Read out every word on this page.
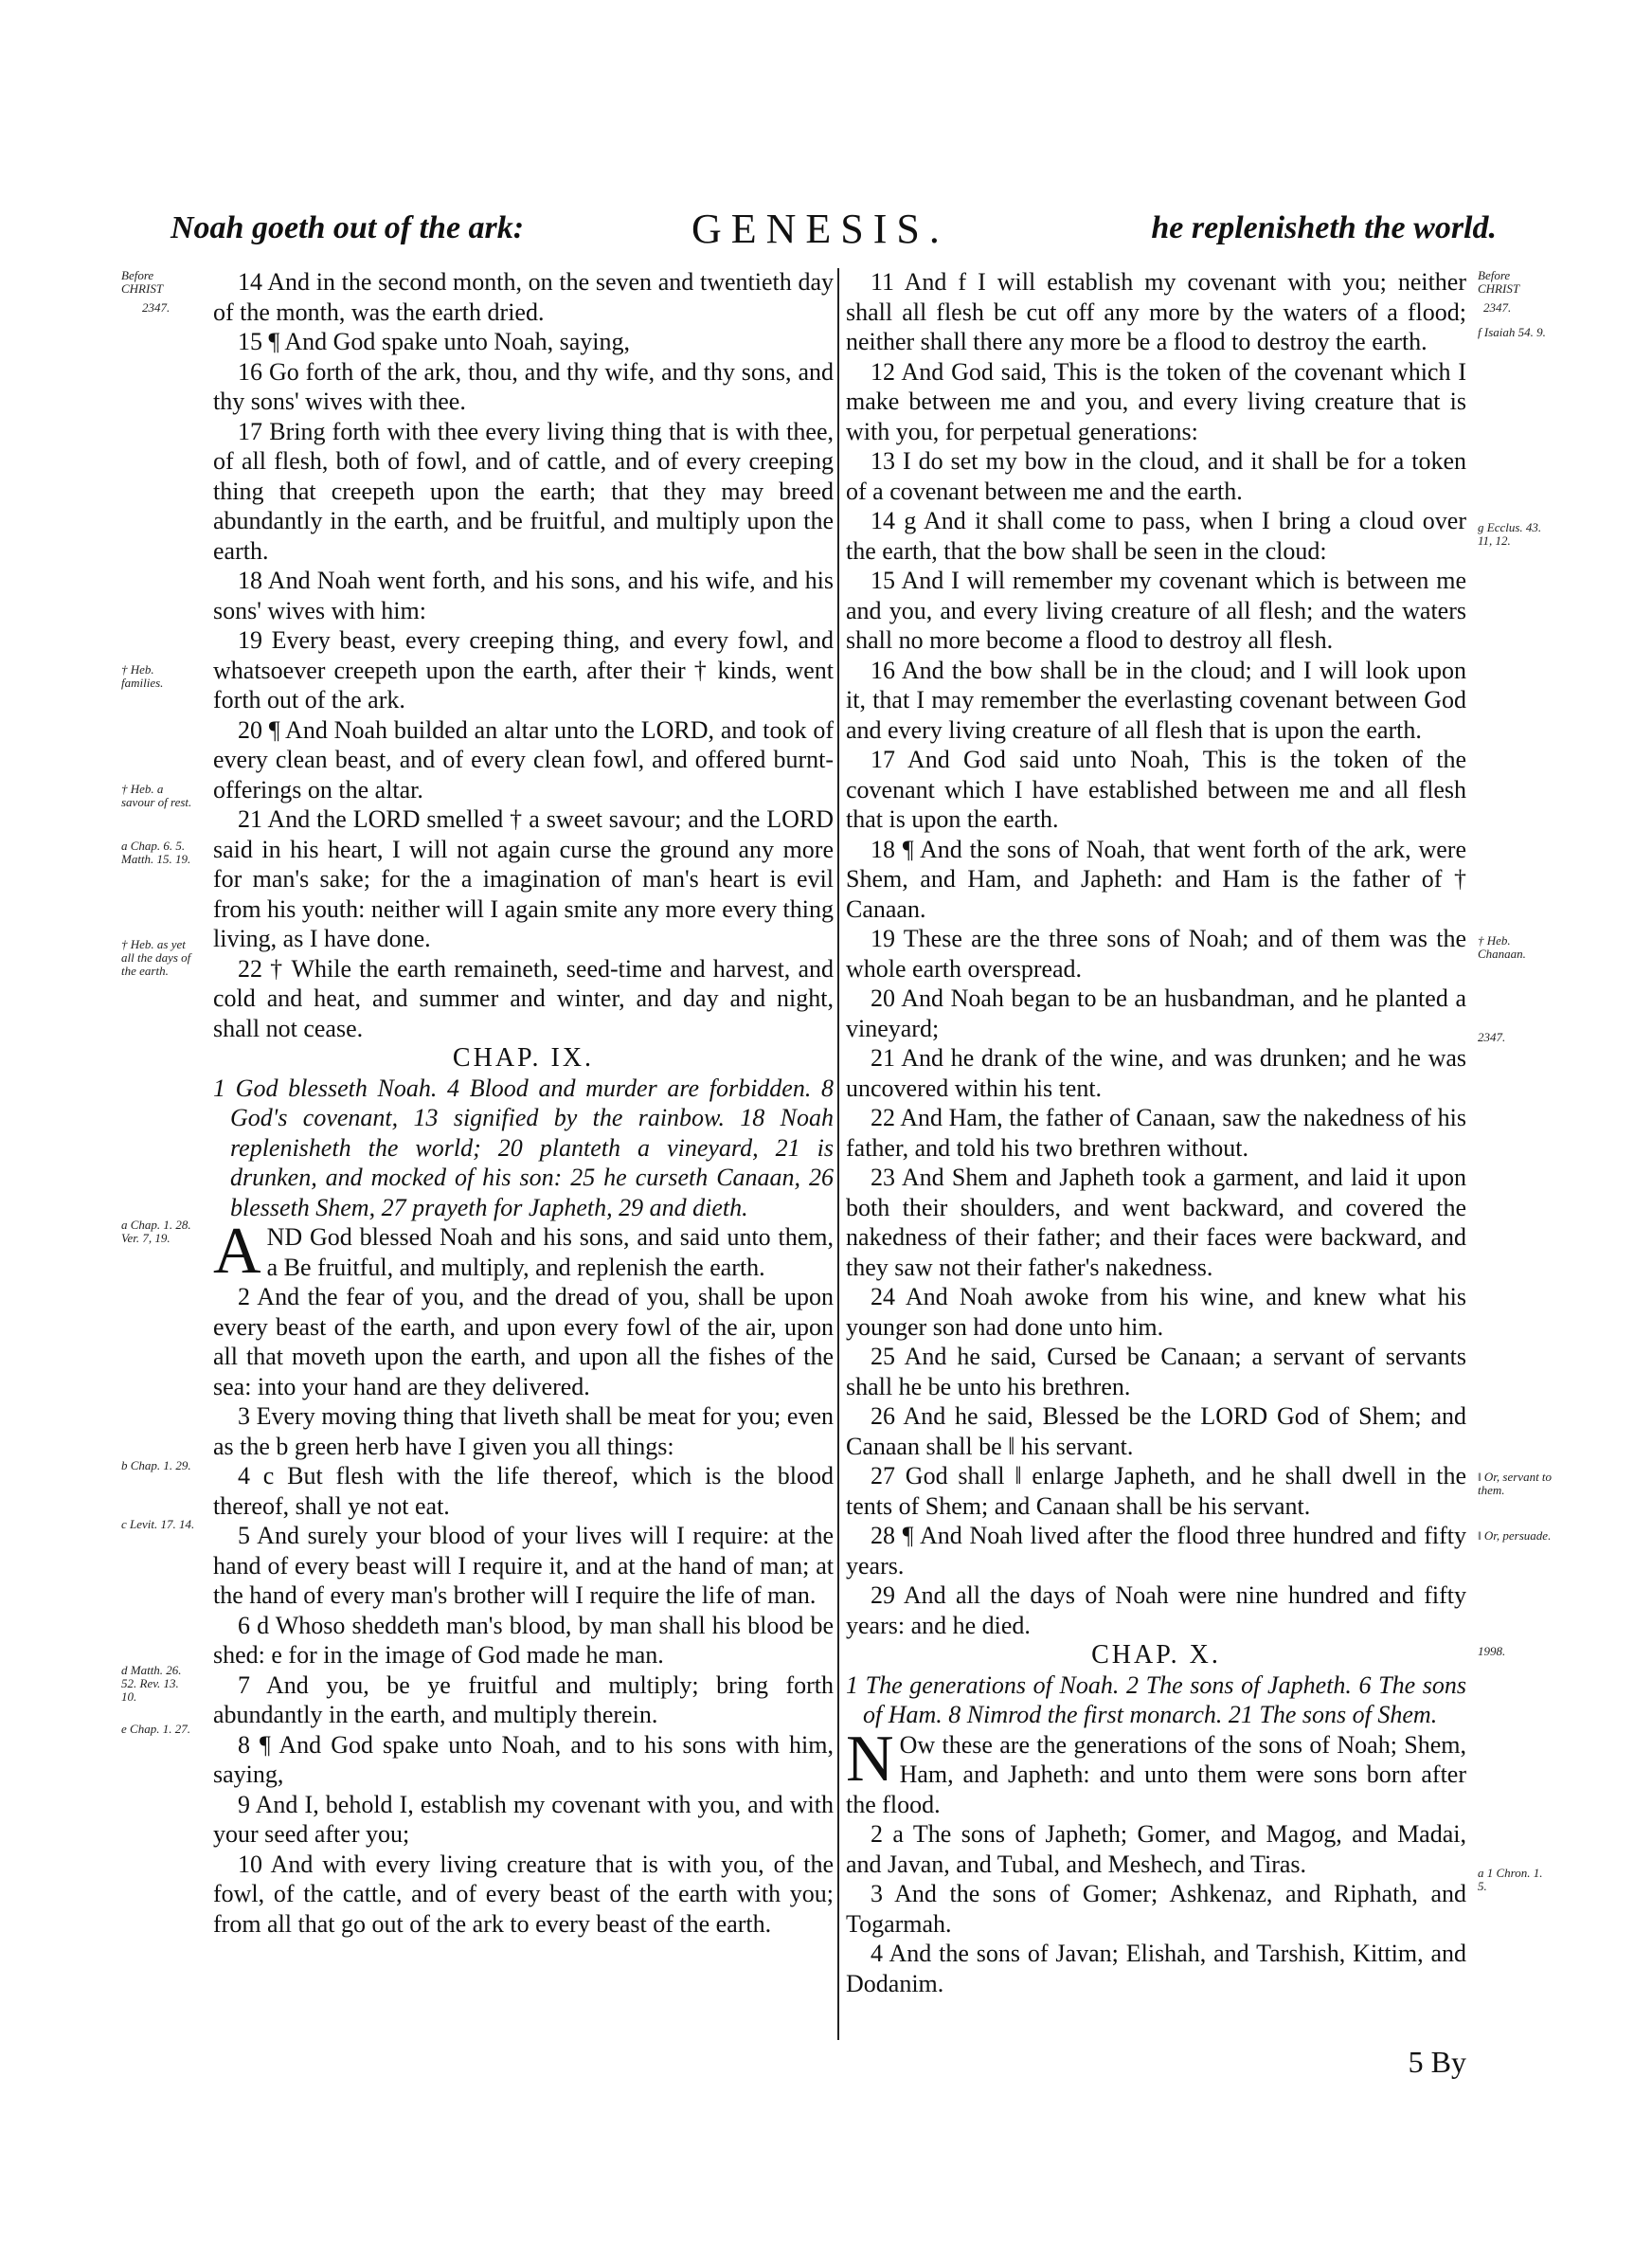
Noah goeth out of the ark:	GENESIS.	he replenisheth the world.

14 And in the second month, on the seven and twentieth day of the month, was the earth dried.

15 ¶ And God spake unto Noah, saying,

16 Go forth of the ark, thou, and thy wife, and thy sons, and thy sons' wives with thee.

17 Bring forth with thee every living thing that is with thee, of all flesh, both of fowl, and of cattle, and of every creeping thing that creepeth upon the earth; that they may breed abundantly in the earth, and be fruitful, and multiply upon the earth.

18 And Noah went forth, and his sons, and his wife, and his sons' wives with him:

19 Every beast, every creeping thing, and every fowl, and whatsoever creepeth upon the earth, after their † kinds, went forth out of the ark.

20 ¶ And Noah builded an altar unto the LORD, and took of every clean beast, and of every clean fowl, and offered burnt-offerings on the altar.

21 And the LORD smelled † a sweet savour; and the LORD said in his heart, I will not again curse the ground any more for man's sake; for the a imagination of man's heart is evil from his youth: neither will I again smite any more every thing living, as I have done.

22 † While the earth remaineth, seed-time and harvest, and cold and heat, and summer and winter, and day and night, shall not cease.

CHAP. IX.

1 God blesseth Noah. 4 Blood and murder are forbidden. 8 God's covenant, 13 signified by the rainbow. 18 Noah replenisheth the world; 20 planteth a vineyard, 21 is drunken, and mocked of his son: 25 he curseth Canaan, 26 blesseth Shem, 27 prayeth for Japheth, 29 and dieth.

AND God blessed Noah and his sons, and said unto them, a Be fruitful, and multiply, and replenish the earth.

2 And the fear of you, and the dread of you, shall be upon every beast of the earth, and upon every fowl of the air, upon all that moveth upon the earth, and upon all the fishes of the sea: into your hand are they delivered.

3 Every moving thing that liveth shall be meat for you; even as the b green herb have I given you all things:

4 c But flesh with the life thereof, which is the blood thereof, shall ye not eat.

5 And surely your blood of your lives will I require: at the hand of every beast will I require it, and at the hand of man; at the hand of every man's brother will I require the life of man.

6 d Whoso sheddeth man's blood, by man shall his blood be shed: e for in the image of God made he man.

7 And you, be ye fruitful and multiply; bring forth abundantly in the earth, and multiply therein.

8 ¶ And God spake unto Noah, and to his sons with him, saying,

9 And I, behold I, establish my covenant with you, and with your seed after you;

10 And with every living creature that is with you, of the fowl, of the cattle, and of every beast of the earth with you; from all that go out of the ark to every beast of the earth.

11 And f I will establish my covenant with you; neither shall all flesh be cut off any more by the waters of a flood; neither shall there any more be a flood to destroy the earth.

12 And God said, This is the token of the covenant which I make between me and you, and every living creature that is with you, for perpetual generations:

13 I do set my bow in the cloud, and it shall be for a token of a covenant between me and the earth.

14 g And it shall come to pass, when I bring a cloud over the earth, that the bow shall be seen in the cloud:

15 And I will remember my covenant which is between me and you, and every living creature of all flesh; and the waters shall no more become a flood to destroy all flesh.

16 And the bow shall be in the cloud; and I will look upon it, that I may remember the everlasting covenant between God and every living creature of all flesh that is upon the earth.

17 And God said unto Noah, This is the token of the covenant which I have established between me and all flesh that is upon the earth.

18 ¶ And the sons of Noah, that went forth of the ark, were Shem, and Ham, and Japheth: and Ham is the father of † Canaan.

19 These are the three sons of Noah; and of them was the whole earth overspread.

20 And Noah began to be an husbandman, and he planted a vineyard;

21 And he drank of the wine, and was drunken; and he was uncovered within his tent.

22 And Ham, the father of Canaan, saw the nakedness of his father, and told his two brethren without.

23 And Shem and Japheth took a garment, and laid it upon both their shoulders, and went backward, and covered the nakedness of their father; and their faces were backward, and they saw not their father's nakedness.

24 And Noah awoke from his wine, and knew what his younger son had done unto him.

25 And he said, Cursed be Canaan; a servant of servants shall he be unto his brethren.

26 And he said, Blessed be the LORD God of Shem; and Canaan shall be ‖ his servant.

27 God shall ‖ enlarge Japheth, and he shall dwell in the tents of Shem; and Canaan shall be his servant.

28 ¶ And Noah lived after the flood three hundred and fifty years.

29 And all the days of Noah were nine hundred and fifty years: and he died.

CHAP. X.

1 The generations of Noah. 2 The sons of Japheth. 6 The sons of Ham. 8 Nimrod the first monarch. 21 The sons of Shem.

N Ow these are the generations of the sons of Noah; Shem, Ham, and Japheth: and unto them were sons born after the flood.

2 a The sons of Japheth; Gomer, and Magog, and Madai, and Javan, and Tubal, and Meshech, and Tiras.

3 And the sons of Gomer; Ashkenaz, and Riphath, and Togarmah.

4 And the sons of Javan; Elishah, and Tarshish, Kittim, and Dodanim.

Before CHRIST
2347.
† Heb. families.
† Heb. a savour of rest.
a Chap. 6. 5. Matth. 15. 19.
† Heb. as yet all the days of the earth.
a Chap. 1. 28. Ver. 7, 19.
b Chap. 1. 29.
c Levit. 17. 14.
d Matth. 26. 52. Rev. 13. 10.
e Chap. 1. 27.
Before CHRIST
2347.
f Isaiah 54. 9.
g Ecclus. 43. 11, 12.
† Heb. Chanaan.
2347.
‖ Or, servant to them.
‖ Or, persuade.
1998.
a 1 Chron. 1. 5.
5 By
